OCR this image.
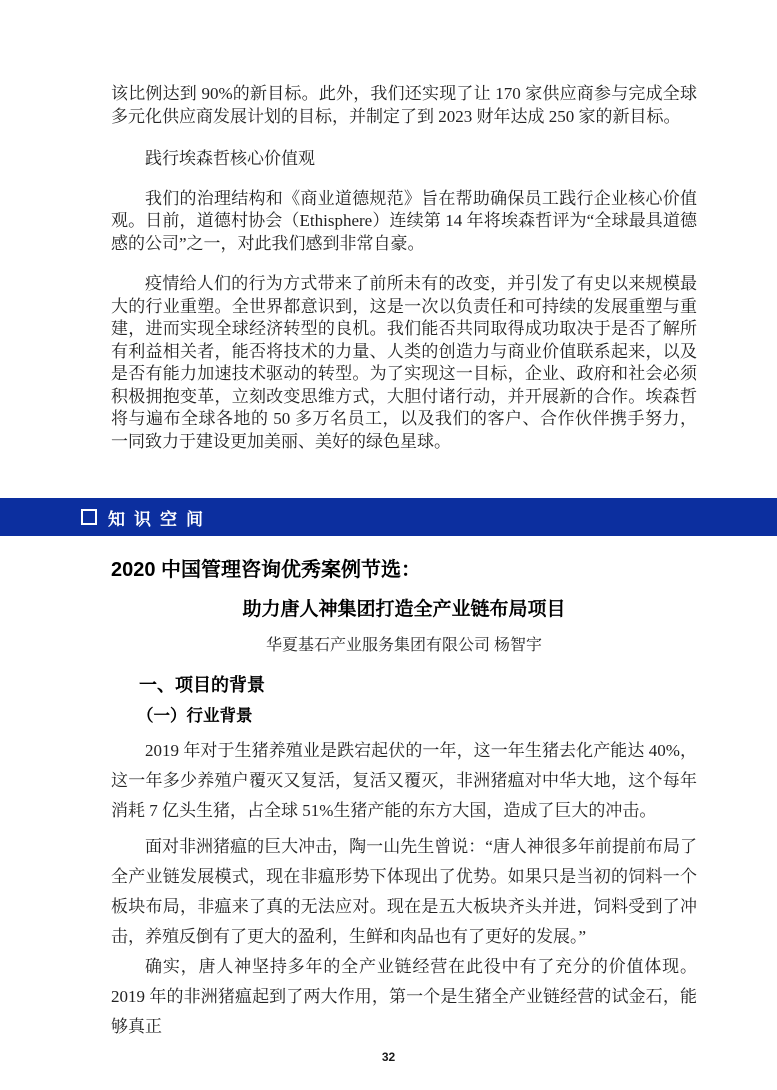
该比例达到 90%的新目标。此外，我们还实现了让 170 家供应商参与完成全球多元化供应商发展计划的目标，并制定了到 2023 财年达成 250 家的新目标。

践行埃森哲核心价值观

我们的治理结构和《商业道德规范》旨在帮助确保员工践行企业核心价值观。日前，道德村协会（Ethisphere）连续第 14 年将埃森哲评为“全球最具道德感的公司”之一，对此我们感到非常自豪。

疫情给人们的行为方式带来了前所未有的改变，并引发了有史以来规模最大的行业重塑。全世界都意识到，这是一次以负责任和可持续的发展重塑与重建，进而实现全球经济转型的良机。我们能否共同取得成功取决于是否了解所有利益相关者，能否将技术的力量、人类的创造力与商业价值联系起来，以及是否有能力加速技术驱动的转型。为了实现这一目标，企业、政府和社会必须积极拥抱变革，立刻改变思维方式，大胆付诸行动，并开展新的合作。埃森哲将与遍布全球各地的 50 多万名员工，以及我们的客户、合作伙伴携手努力，一同致力于建设更加美丽、美好的绿色星球。

知识空间

2020 中国管理咨询优秀案例节选：

助力唐人神集团打造全产业链布局项目

华夏基石产业服务集团有限公司 杨智宇

一、项目的背景

（一）行业背景

2019 年对于生猪养殖业是跌宕起伏的一年，这一年生猪去化产能达 40%，这一年多少养殖户覆灭又复活，复活又覆灭，非洲猪瘟对中华大地，这个每年消耗 7 亿头生猪，占全球 51%生猪产能的东方大国，造成了巨大的冲击。

面对非洲猪瘟的巨大冲击，陶一山先生曾说：“唐人神很多年前提前布局了全产业链发展模式，现在非瘟形势下体现出了优势。如果只是当初的饲料一个板块布局，非瘟来了真的无法应对。现在是五大板块齐头并进，饲料受到了冲击，养殖反倒有了更大的盈利，生鲜和肉品也有了更好的发展。”

确实，唐人神坚持多年的全产业链经营在此役中有了充分的价值体现。2019 年的非洲猪瘟起到了两大作用，第一个是生猪全产业链经营的试金石，能够真正

32
